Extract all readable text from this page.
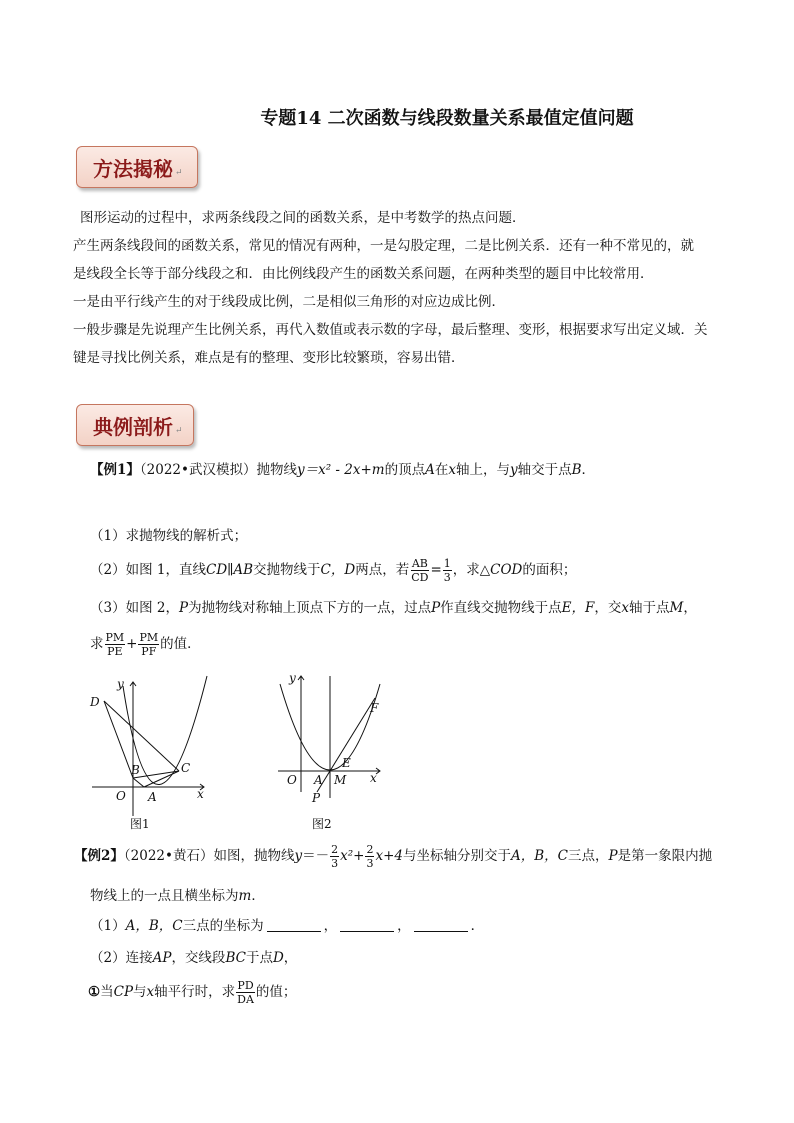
专题14 二次函数与线段数量关系最值定值问题
方法揭秘 ↵
图形运动的过程中，求两条线段之间的函数关系，是中考数学的热点问题．
产生两条线段间的函数关系，常见的情况有两种，一是勾股定理，二是比例关系．还有一种不常见的，就
是线段全长等于部分线段之和．由比例线段产生的函数关系问题，在两种类型的题目中比较常用．
一是由平行线产生的对于线段成比例，二是相似三角形的对应边成比例．
一般步骤是先说理产生比例关系，再代入数值或表示数的字母，最后整理、变形，根据要求写出定义域．关
键是寻找比例关系，难点是有的整理、变形比较繁琐，容易出错．
典例剖析 ↵
【例1】（2022•武汉模拟）抛物线y＝x² - 2x+m的顶点A在x轴上，与y轴交于点B．
（1）求抛物线的解析式；
（2）如图 1，直线CD∥AB交抛物线于C，D两点，若 $\frac{AB}{CD} = \frac{1}{3}$ ，求△COD的面积；
（3）如图 2，P为抛物线对称轴上顶点下方的一点，过点P作直线交抛物线于点E，F，交x轴于点M，
求 $\frac{PM}{PE} + \frac{PM}{PF}$ 的值．
y
D
B	C
O A	x
图1
y
F
O A
E
M x
P
图2
【例2】（2022•黄石）如图，抛物线$y=- \frac{2}{3} x^2+ \frac{2}{3} x+4$与坐标轴分别交于A，B，C三点，P是第一象限内抛
物线上的一点且横坐标为m．
（1）A，B，C三点的坐标为	，	，	．
（2）连接AP，交线段BC于点D，
①当CP与x轴平行时，求 $\frac{PD}{DA}$ 的值；
